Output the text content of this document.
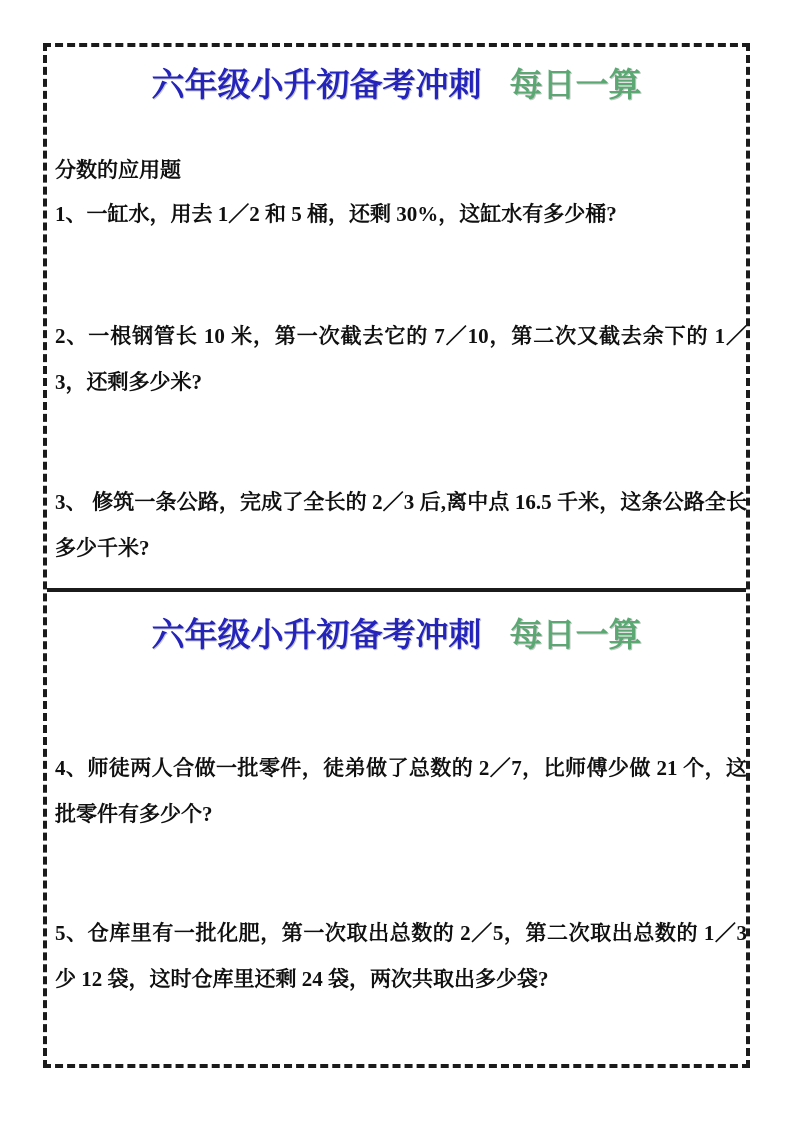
六年级小升初备考冲刺 每日一算
分数的应用题

1、一缸水，用去 1／2 和 5 桶，还剩 30%，这缸水有多少桶?

2、一根钢管长 10 米，第一次截去它的 7／10，第二次又截去余下的 1／3，还剩多少米?

3、 修筑一条公路，完成了全长的 2／3 后,离中点 16.5 千米，这条公路全长多少千米?

六年级小升初备考冲刺 每日一算

4、师徒两人合做一批零件，徒弟做了总数的 2／7，比师傅少做 21 个，这批零件有多少个?

5、仓库里有一批化肥，第一次取出总数的 2／5，第二次取出总数的 1／3 少 12 袋，这时仓库里还剩 24 袋，两次共取出多少袋?
